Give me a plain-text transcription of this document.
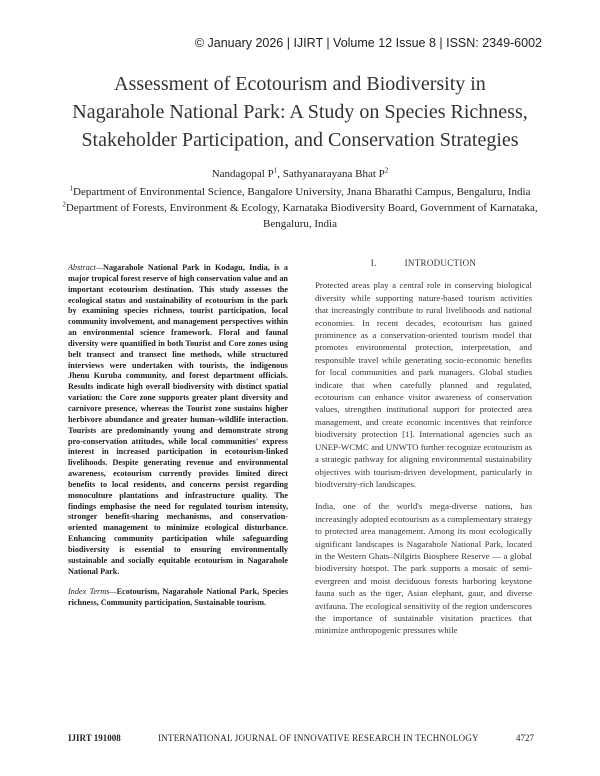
© January 2026 | IJIRT | Volume 12 Issue 8 | ISSN: 2349-6002
Assessment of Ecotourism and Biodiversity in
Nagarahole National Park: A Study on Species Richness,
Stakeholder Participation, and Conservation Strategies
Nandagopal $P^1$, Sathyanarayana Bhat $P^2$
$^1$Department of Environmental Science, Bangalore University, Jnana Bharathi Campus, Bengaluru, India
$^2$Department of Forests, Environment & Ecology, Karnataka Biodiversity Board, Government of Karnataka, Bengaluru, India
Abstract—Nagarahole National Park in Kodagu, India, is a major tropical forest reserve of high conservation value and an important ecotourism destination. This study assesses the ecological status and sustainability of ecotourism in the park by examining species richness, tourist participation, local community involvement, and management perspectives within an environmental science framework. Floral and faunal diversity were quantified in both Tourist and Core zones using belt transect and transect line methods, while structured interviews were undertaken with tourists, the indigenous Jhenu Kuruba community, and forest department officials. Results indicate high overall biodiversity with distinct spatial variation: the Core zone supports greater plant diversity and carnivore presence, whereas the Tourist zone sustains higher herbivore abundance and greater human–wildlife interaction. Tourists are predominantly young and demonstrate strong pro-conservation attitudes, while local communities' express interest in increased participation in ecotourism-linked livelihoods. Despite generating revenue and environmental awareness, ecotourism currently provides limited direct benefits to local residents, and concerns persist regarding monoculture plantations and infrastructure quality. The findings emphasise the need for regulated tourism intensity, stronger benefit-sharing mechanisms, and conservation-oriented management to minimize ecological disturbance. Enhancing community participation while safeguarding biodiversity is essential to ensuring environmentally sustainable and socially equitable ecotourism in Nagarahole National Park.
Index Terms—Ecotourism, Nagarahole National Park, Species richness, Community participation, Sustainable tourism.
I.	INTRODUCTION

Protected areas play a central role in conserving biological diversity while supporting nature-based tourism activities that increasingly contribute to rural livelihoods and national economies. In recent decades, ecotourism has gained prominence as a conservation-oriented tourism model that promotes environmental protection, interpretation, and responsible travel while generating socio-economic benefits for local communities and park managers. Global studies indicate that when carefully planned and regulated, ecotourism can enhance visitor awareness of conservation values, strengthen institutional support for protected area management, and create economic incentives that reinforce biodiversity protection [1]. International agencies such as UNEP-WCMC and UNWTO further recognize ecotourism as a strategic pathway for aligning environmental sustainability objectives with tourism-driven development, particularly in biodiversity-rich landscapes.

India, one of the world's mega-diverse nations, has increasingly adopted ecotourism as a complementary strategy to protected area management. Among its most ecologically significant landscapes is Nagarahole National Park, located in the Western Ghats–Nilgiris Biosphere Reserve — a global biodiversity hotspot. The park supports a mosaic of semi-evergreen and moist deciduous forests harboring keystone fauna such as the tiger, Asian elephant, gaur, and diverse avifauna. The ecological sensitivity of the region underscores the importance of sustainable visitation practices that minimize anthropogenic pressures while

IJIRT 191008	INTERNATIONAL JOURNAL OF INNOVATIVE RESEARCH IN TECHNOLOGY	4727
